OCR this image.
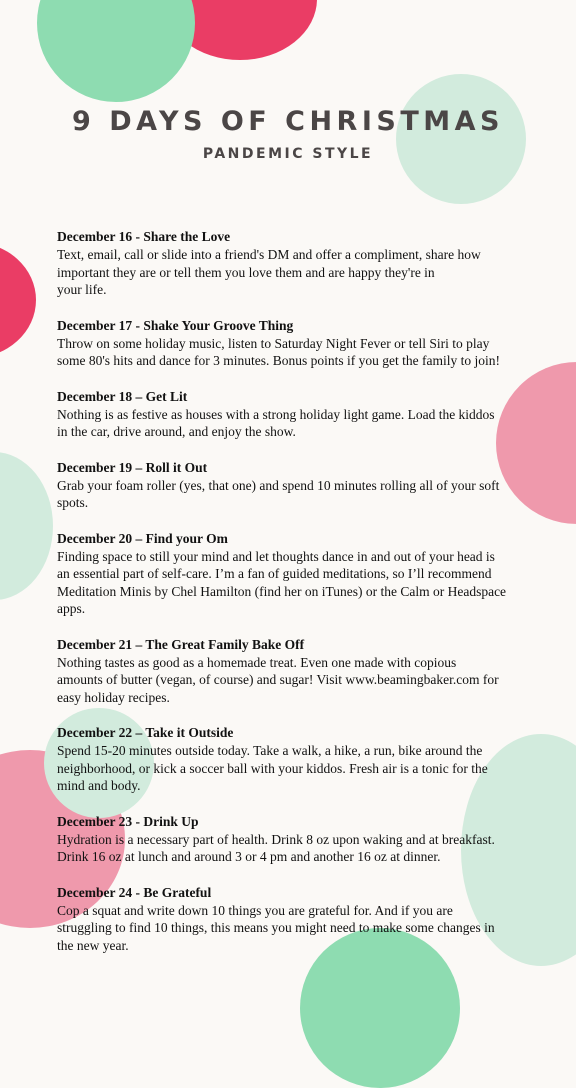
9 DAYS OF CHRISTMAS
PANDEMIC STYLE
December 16 - Share the Love

Text, email, call or slide into a friend's DM and offer a compliment, share how
important they are or tell them you love them and are happy they're in
your life.

December 17 - Shake Your Groove Thing

Throw on some holiday music, listen to Saturday Night Fever or tell Siri to play
some 80's hits and dance for 3 minutes. Bonus points if you get the family to join!

December 18 – Get Lit

Nothing is as festive as houses with a strong holiday light game. Load the kiddos
in the car, drive around, and enjoy the show.

December 19 – Roll it Out

Grab your foam roller (yes, that one) and spend 10 minutes rolling all of your soft
spots.

December 20 – Find your Om

Finding space to still your mind and let thoughts dance in and out of your head is
an essential part of self-care. I’m a fan of guided meditations, so I’ll recommend
Meditation Minis by Chel Hamilton (find her on iTunes) or the Calm or Headspace
apps.

December 21 – The Great Family Bake Off

Nothing tastes as good as a homemade treat. Even one made with copious
amounts of butter (vegan, of course) and sugar! Visit www.beamingbaker.com for
easy holiday recipes.

December 22 – Take it Outside

Spend 15-20 minutes outside today. Take a walk, a hike, a run, bike around the
neighborhood, or kick a soccer ball with your kiddos. Fresh air is a tonic for the
mind and body.

December 23 - Drink Up

Hydration is a necessary part of health. Drink 8 oz upon waking and at breakfast.
Drink 16 oz at lunch and around 3 or 4 pm and another 16 oz at dinner.

December 24 - Be Grateful

Cop a squat and write down 10 things you are grateful for. And if you are
struggling to find 10 things, this means you might need to make some changes in
the new year.
